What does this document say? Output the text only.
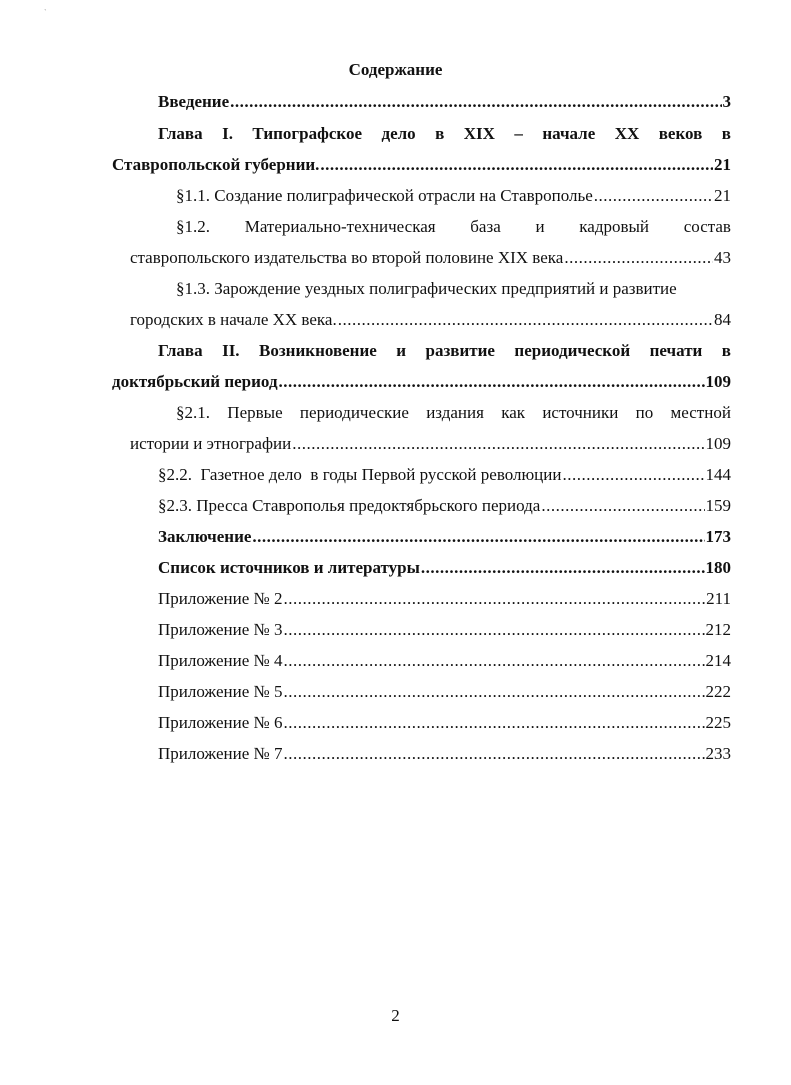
`
Содержание
Введение .....	3
Глава I. Типографское дело в XIX – начале XX веков в
Ставропольской губернии. .....	21
§1.1. Создание полиграфической отрасли на Ставрополье .....	21
§1.2. Материально-техническая база и кадровый состав
ставропольского издательства во второй половине XIX века .....	43
§1.3. Зарождение уездных полиграфических предприятий и развитие
городских в начале XX века. .....	84
Глава II. Возникновение и развитие периодической печати в
доктябрьский период .....	109
§2.1. Первые периодические издания как источники по местной
истории и этнографии .....	109
§2.2.  Газетное дело  в годы Первой русской революции .....	144
§2.3. Пресса Ставрополья предоктябрьского периода .....	159
Заключение .....	173
Список источников и литературы .....	180
Приложение № 2 .....	211
Приложение № 3 .....	212
Приложение № 4 .....	214
Приложение № 5 .....	222
Приложение № 6 .....	225
Приложение № 7 .....	233
2
